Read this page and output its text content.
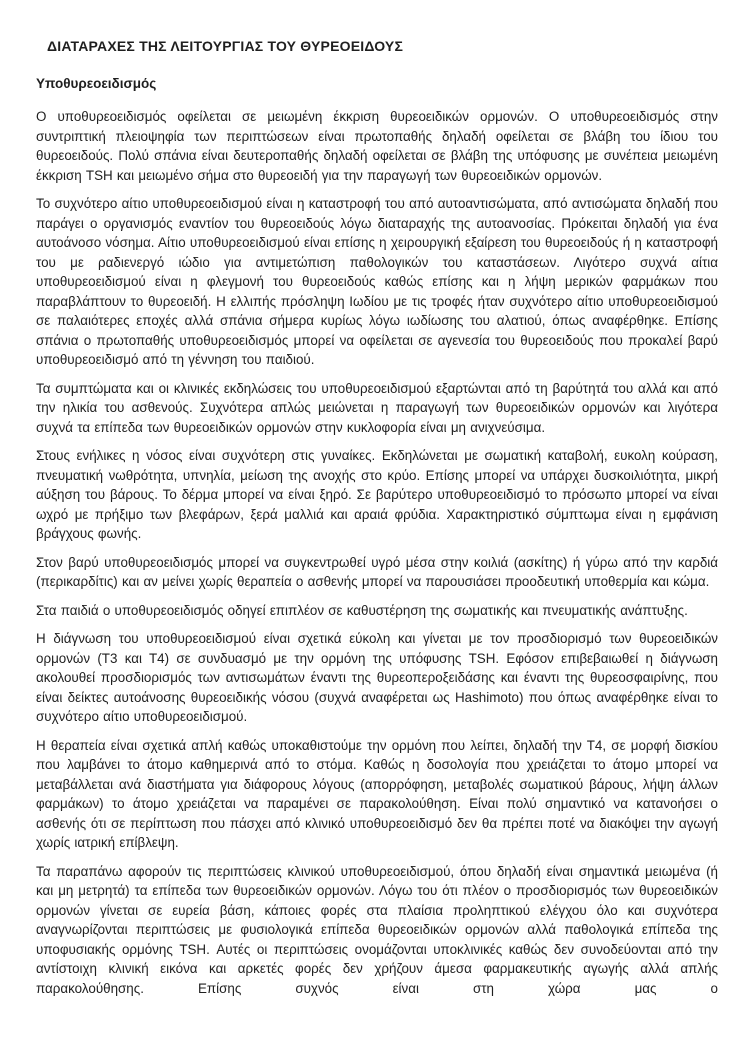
ΔΙΑΤΑΡΑΧΕΣ ΤΗΣ ΛΕΙΤΟΥΡΓΙΑΣ ΤΟΥ ΘΥΡΕΟΕΙΔΟΥΣ
Υποθυρεοειδισμός

Ο υποθυρεοειδισμός οφείλεται σε μειωμένη έκκριση θυρεοειδικών ορμονών. Ο υποθυρεοειδισμός στην συντριπτική πλειοψηφία των περιπτώσεων είναι πρωτοπαθής δηλαδή οφείλεται σε βλάβη του ίδιου του θυρεοειδούς. Πολύ σπάνια είναι δευτεροπαθής δηλαδή οφείλεται σε βλάβη της υπόφυσης με συνέπεια μειωμένη έκκριση TSH και μειωμένο σήμα στο θυρεοειδή για την παραγωγή των θυρεοειδικών ορμονών.

Το συχνότερο αίτιο υποθυρεοειδισμού είναι η καταστροφή του από αυτοαντισώματα, από αντισώματα δηλαδή που παράγει ο οργανισμός εναντίον του θυρεοειδούς λόγω διαταραχής της αυτοανοσίας. Πρόκειται δηλαδή για ένα αυτοάνοσο νόσημα. Αίτιο υποθυρεοειδισμού είναι επίσης η χειρουργική εξαίρεση του θυρεοειδούς ή η καταστροφή του με ραδιενεργό ιώδιο για αντιμετώπιση παθολογικών του καταστάσεων. Λιγότερο συχνά αίτια υποθυρεοειδισμού είναι η φλεγμονή του θυρεοειδούς καθώς επίσης και η λήψη μερικών φαρμάκων που παραβλάπτουν το θυρεοειδή. Η ελλιπής πρόσληψη Ιωδίου με τις τροφές ήταν συχνότερο αίτιο υποθυρεοειδισμού σε παλαιότερες εποχές αλλά σπάνια σήμερα κυρίως λόγω ιωδίωσης του αλατιού, όπως αναφέρθηκε. Επίσης σπάνια ο πρωτοπαθής υποθυρεοειδισμός μπορεί να οφείλεται σε αγενεσία του θυρεοειδούς που προκαλεί βαρύ υποθυρεοειδισμό από τη γέννηση του παιδιού.

Τα συμπτώματα και οι κλινικές εκδηλώσεις του υποθυρεοειδισμού εξαρτώνται από τη βαρύτητά του αλλά και από την ηλικία του ασθενούς. Συχνότερα απλώς μειώνεται η παραγωγή των θυρεοειδικών ορμονών και λιγότερα συχνά τα επίπεδα των θυρεοειδικών ορμονών στην κυκλοφορία είναι μη ανιχνεύσιμα.

Στους ενήλικες η νόσος είναι συχνότερη στις γυναίκες. Εκδηλώνεται με σωματική καταβολή, ευκολη κούραση, πνευματική νωθρότητα, υπνηλία, μείωση της ανοχής στο κρύο. Επίσης μπορεί να υπάρχει δυσκοιλιότητα, μικρή αύξηση του βάρους. Το δέρμα μπορεί να είναι ξηρό. Σε βαρύτερο υποθυρεοειδισμό το πρόσωπο μπορεί να είναι ωχρό με πρήξιμο των βλεφάρων, ξερά μαλλιά και αραιά φρύδια. Χαρακτηριστικό σύμπτωμα είναι η εμφάνιση βράγχους φωνής.

Στον βαρύ υποθυρεοειδισμός μπορεί να συγκεντρωθεί υγρό μέσα στην κοιλιά (ασκίτης) ή γύρω από την καρδιά (περικαρδίτις) και αν μείνει χωρίς θεραπεία ο ασθενής μπορεί να παρουσιάσει προοδευτική υποθερμία και κώμα.

Στα παιδιά ο υποθυρεοειδισμός οδηγεί επιπλέον σε καθυστέρηση της σωματικής και πνευματικής ανάπτυξης.

Η διάγνωση του υποθυρεοειδισμού είναι σχετικά εύκολη και γίνεται με τον προσδιορισμό των θυρεοειδικών ορμονών (Τ3 και Τ4) σε συνδυασμό με την ορμόνη της υπόφυσης TSH. Εφόσον επιβεβαιωθεί η διάγνωση ακολουθεί προσδιορισμός των αντισωμάτων έναντι της θυρεοπεροξειδάσης και έναντι της θυρεοσφαιρίνης, που είναι δείκτες αυτοάνοσης θυρεοειδικής νόσου (συχνά αναφέρεται ως Hashimoto) που όπως αναφέρθηκε είναι το συχνότερο αίτιο υποθυρεοειδισμού.

Η θεραπεία είναι σχετικά απλή καθώς υποκαθιστούμε την ορμόνη που λείπει, δηλαδή την Τ4, σε μορφή δισκίου που λαμβάνει το άτομο καθημερινά από το στόμα. Καθώς η δοσολογία που χρειάζεται το άτομο μπορεί να μεταβάλλεται ανά διαστήματα για διάφορους λόγους (απορρόφηση, μεταβολές σωματικού βάρους, λήψη άλλων φαρμάκων) το άτομο χρειάζεται να παραμένει σε παρακολούθηση. Είναι πολύ σημαντικό να κατανοήσει ο ασθενής ότι σε περίπτωση που πάσχει από κλινικό υποθυρεοειδισμό δεν θα πρέπει ποτέ να διακόψει την αγωγή χωρίς ιατρική επίβλεψη.

Τα παραπάνω αφορούν τις περιπτώσεις κλινικού υποθυρεοειδισμού, όπου δηλαδή είναι σημαντικά μειωμένα (ή και μη μετρητά) τα επίπεδα των θυρεοειδικών ορμονών. Λόγω του ότι πλέον ο προσδιορισμός των θυρεοειδικών ορμονών γίνεται σε ευρεία βάση, κάποιες φορές στα πλαίσια προληπτικού ελέγχου όλο και συχνότερα αναγνωρίζονται περιπτώσεις με φυσιολογικά επίπεδα θυρεοειδικών ορμονών αλλά παθολογικά επίπεδα της υποφυσιακής ορμόνης TSH. Αυτές οι περιπτώσεις ονομάζονται υποκλινικές καθώς δεν συνοδεύονται από την αντίστοιχη κλινική εικόνα και αρκετές φορές δεν χρήζουν άμεσα φαρμακευτικής αγωγής αλλά απλής παρακολούθησης. Επίσης συχνός είναι στη χώρα μας ο
